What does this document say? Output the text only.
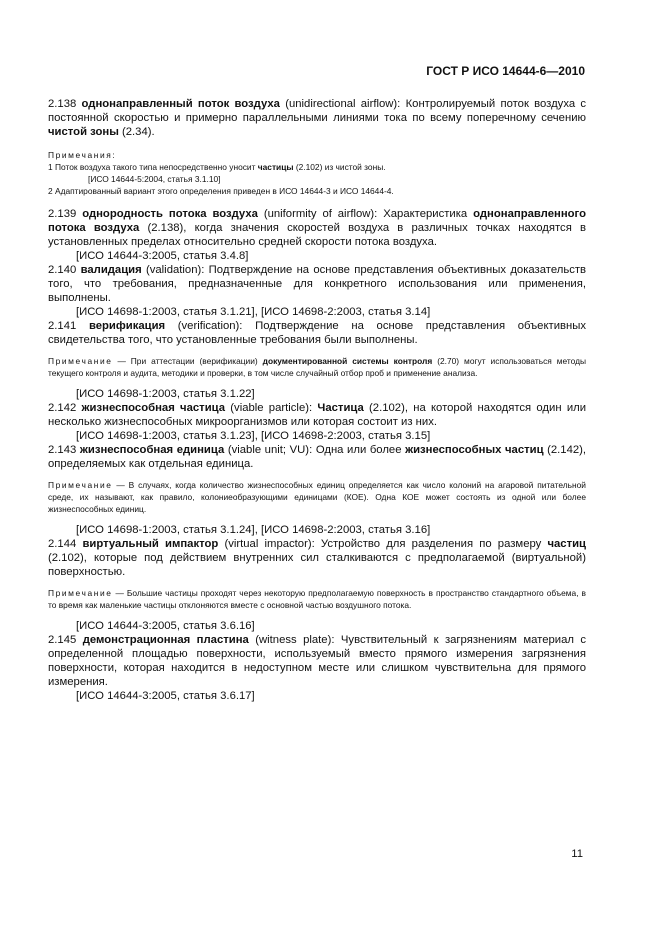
ГОСТ Р ИСО 14644-6—2010

2.138 однонаправленный поток воздуха (unidirectional airflow): Контролируемый поток воздуха с постоянной скоростью и примерно параллельными линиями тока по всему поперечному сечению чистой зоны (2.34).

Примечания:

1 Поток воздуха такого типа непосредственно уносит частицы (2.102) из чистой зоны.

[ИСО 14644-5:2004, статья 3.1.10]

2 Адаптированный вариант этого определения приведен в ИСО 14644-3 и ИСО 14644-4.

2.139 однородность потока воздуха (uniformity of airflow): Характеристика однонаправленного потока воздуха (2.138), когда значения скоростей воздуха в различных точках находятся в установленных пределах относительно средней скорости потока воздуха.

[ИСО 14644-3:2005, статья 3.4.8]

2.140 валидация (validation): Подтверждение на основе представления объективных доказательств того, что требования, предназначенные для конкретного использования или применения, выполнены.

[ИСО 14698-1:2003, статья 3.1.21], [ИСО 14698-2:2003, статья 3.14]

2.141 верификация (verification): Подтверждение на основе представления объективных свидетельства того, что установленные требования были выполнены.

Примечание — При аттестации (верификации) документированной системы контроля (2.70) могут использоваться методы текущего контроля и аудита, методики и проверки, в том числе случайный отбор проб и применение анализа.

[ИСО 14698-1:2003, статья 3.1.22]

2.142 жизнеспособная частица (viable particle): Частица (2.102), на которой находятся один или несколько жизнеспособных микроорганизмов или которая состоит из них.

[ИСО 14698-1:2003, статья 3.1.23], [ИСО 14698-2:2003, статья 3.15]

2.143 жизнеспособная единица (viable unit; VU): Одна или более жизнеспособных частиц (2.142), определяемых как отдельная единица.

Примечание — В случаях, когда количество жизнеспособных единиц определяется как число колоний на агаровой питательной среде, их называют, как правило, колониеобразующими единицами (КОЕ). Одна КОЕ может состоять из одной или более жизнеспособных единиц.

[ИСО 14698-1:2003, статья 3.1.24], [ИСО 14698-2:2003, статья 3.16]

2.144 виртуальный импактор (virtual impactor): Устройство для разделения по размеру частиц (2.102), которые под действием внутренних сил сталкиваются с предполагаемой (виртуальной) поверхностью.

Примечание — Большие частицы проходят через некоторую предполагаемую поверхность в пространство стандартного объема, в то время как маленькие частицы отклоняются вместе с основной частью воздушного потока.

[ИСО 14644-3:2005, статья 3.6.16]

2.145 демонстрационная пластина (witness plate): Чувствительный к загрязнениям материал с определенной площадью поверхности, используемый вместо прямого измерения загрязнения поверхности, которая находится в недоступном месте или слишком чувствительна для прямого измерения.

[ИСО 14644-3:2005, статья 3.6.17]

11
